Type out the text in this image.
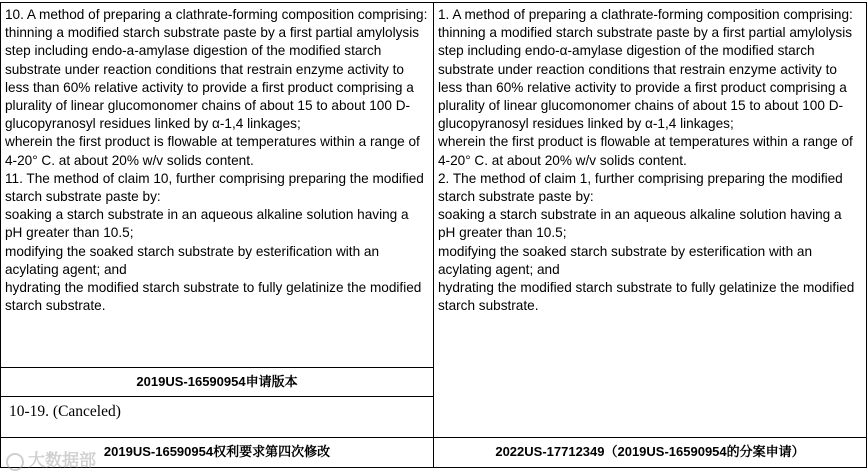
10. A method of preparing a clathrate-forming composition comprising:

thinning a modified starch substrate paste by a first partial amylolysis step including endo-a-amylase digestion of the modified starch substrate under reaction conditions that restrain enzyme activity to less than 60% relative activity to provide a first product comprising a plurality of linear glucomonomer chains of about 15 to about 100 D-glucopyranosyl residues linked by α-1,4 linkages;

wherein the first product is flowable at temperatures within a range of 4-20° C. at about 20% w/v solids content.

11. The method of claim 10, further comprising preparing the modified starch substrate paste by:

soaking a starch substrate in an aqueous alkaline solution having a pH greater than 10.5;

modifying the soaked starch substrate by esterification with an acylating agent; and

hydrating the modified starch substrate to fully gelatinize the modified starch substrate.

2019US-16590954申请版本
10-19. (Canceled)
2019US-16590954权利要求第四次修改

1. A method of preparing a clathrate-forming composition comprising:

thinning a modified starch substrate paste by a first partial amylolysis step including endo-α-amylase digestion of the modified starch substrate under reaction conditions that restrain enzyme activity to less than 60% relative activity to provide a first product comprising a plurality of linear glucomonomer chains of about 15 to about 100 D-glucopyranosyl residues linked by α-1,4 linkages;

wherein the first product is flowable at temperatures within a range of 4-20° C. at about 20% w/v solids content.

2. The method of claim 1, further comprising preparing the modified starch substrate paste by:

soaking a starch substrate in an aqueous alkaline solution having a pH greater than 10.5;

modifying the soaked starch substrate by esterification with an acylating agent; and

hydrating the modified starch substrate to fully gelatinize the modified starch substrate.

2022US-17712349（2019US-16590954的分案申请）
大数据部
